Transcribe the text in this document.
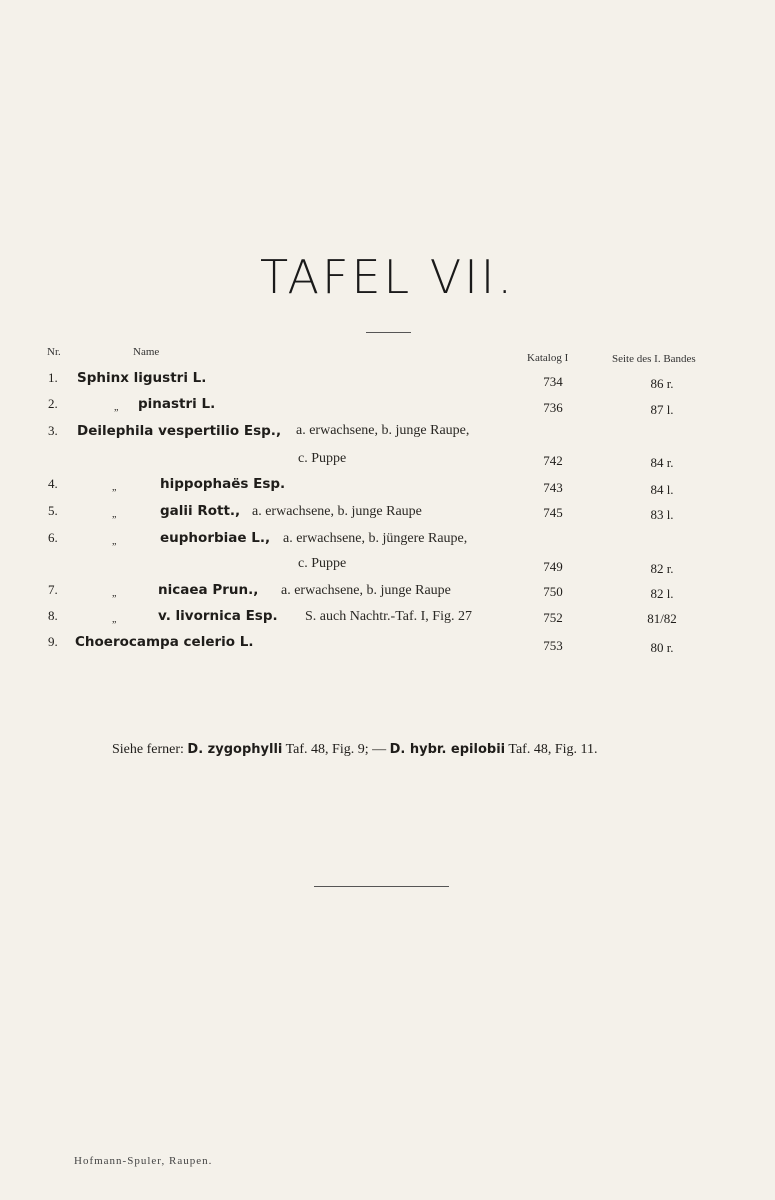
TAFEL VII.
Nr.	Name	Katalog I	Seite des I. Bandes
1. Sphinx ligustri L.	734	86 r.
2.	„ pinastri L.	736	87 l.
3. Deilephila vespertilio Esp., a. erwachsene, b. junge Raupe,
c. Puppe	742	84 r.
4.	„	hippophaës Esp.	743	84 l.
5.	„	galii Rott., a. erwachsene, b. junge Raupe	745	83 l.
6.	„	euphorbiae L., a. erwachsene, b. jüngere Raupe,
c. Puppe	749	82 r.
7.	„	nicaea Prun., a. erwachsene, b. junge Raupe	750	82 l.
8.	„	v. livornica Esp. S. auch Nachtr.-Taf. I, Fig. 27	752	81/82
9. Choerocampa celerio L.	753	80 r.
Siehe ferner: D. zygophylli Taf. 48, Fig. 9; — D. hybr. epilobii Taf. 48, Fig. 11.
Hofmann-Spuler, Raupen.
